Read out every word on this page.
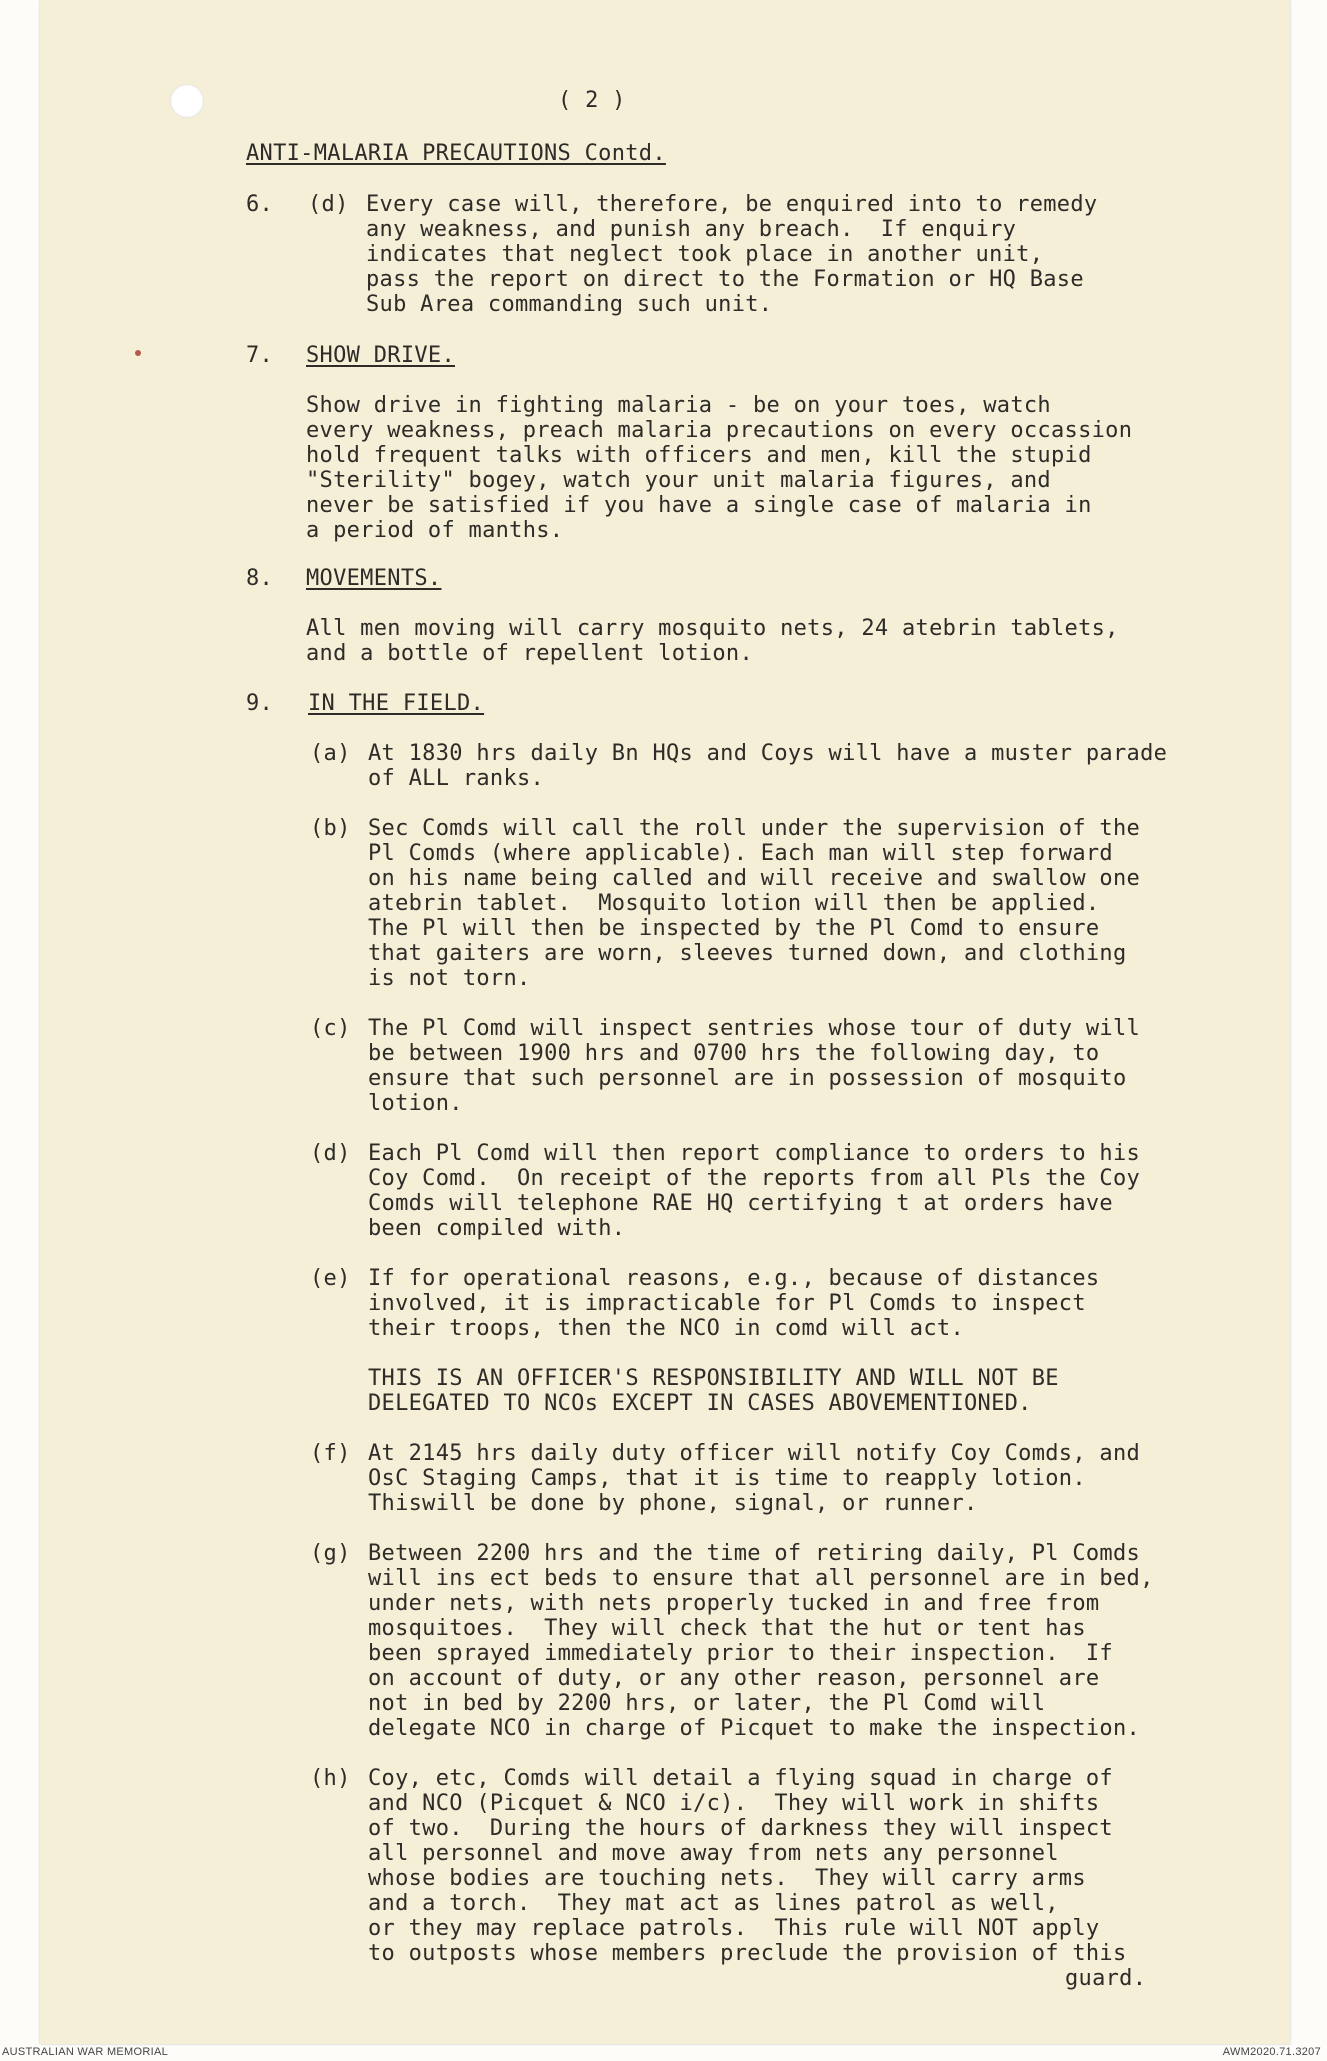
( 2 )
ANTI-MALARIA PRECAUTIONS Contd.
6. (d) Every case will, therefore, be enquired into to remedy
any weakness, and punish any breach.  If enquiry
indicates that neglect took place in another unit,
pass the report on direct to the Formation or HQ Base
Sub Area commanding such unit.
7. SHOW DRIVE.
Show drive in fighting malaria - be on your toes, watch
every weakness, preach malaria precautions on every occassion
hold frequent talks with officers and men, kill the stupid
"Sterility" bogey, watch your unit malaria figures, and
never be satisfied if you have a single case of malaria in
a period of manths.
8. MOVEMENTS.
All men moving will carry mosquito nets, 24 atebrin tablets,
and a bottle of repellent lotion.
9. IN THE FIELD.
(a) At 1830 hrs daily Bn HQs and Coys will have a muster parade
of ALL ranks.
(b) Sec Comds will call the roll under the supervision of the
Pl Comds (where applicable). Each man will step forward
on his name being called and will receive and swallow one
atebrin tablet.  Mosquito lotion will then be applied.
The Pl will then be inspected by the Pl Comd to ensure
that gaiters are worn, sleeves turned down, and clothing
is not torn.
(c) The Pl Comd will inspect sentries whose tour of duty will
be between 1900 hrs and 0700 hrs the following day, to
ensure that such personnel are in possession of mosquito
lotion.
(d) Each Pl Comd will then report compliance to orders to his
Coy Comd.  On receipt of the reports from all Pls the Coy
Comds will telephone RAE HQ certifying t at orders have
been compiled with.
(e) If for operational reasons, e.g., because of distances
involved, it is impracticable for Pl Comds to inspect
their troops, then the NCO in comd will act.
THIS IS AN OFFICER'S RESPONSIBILITY AND WILL NOT BE
DELEGATED TO NCOs EXCEPT IN CASES ABOVEMENTIONED.
(f) At 2145 hrs daily duty officer will notify Coy Comds, and
OsC Staging Camps, that it is time to reapply lotion.
Thiswill be done by phone, signal, or runner.
(g) Between 2200 hrs and the time of retiring daily, Pl Comds
will ins ect beds to ensure that all personnel are in bed,
under nets, with nets properly tucked in and free from
mosquitoes.  They will check that the hut or tent has
been sprayed immediately prior to their inspection.  If
on account of duty, or any other reason, personnel are
not in bed by 2200 hrs, or later, the Pl Comd will
delegate NCO in charge of Picquet to make the inspection.
(h) Coy, etc, Comds will detail a flying squad in charge of
and NCO (Picquet & NCO i/c).  They will work in shifts
of two.  During the hours of darkness they will inspect
all personnel and move away from nets any personnel
whose bodies are touching nets.  They will carry arms
and a torch.  They mat act as lines patrol as well,
or they may replace patrols.  This rule will NOT apply
to outposts whose members preclude the provision of this
guard.
AUSTRALIAN WAR MEMORIAL	AWM2020.71.3207
